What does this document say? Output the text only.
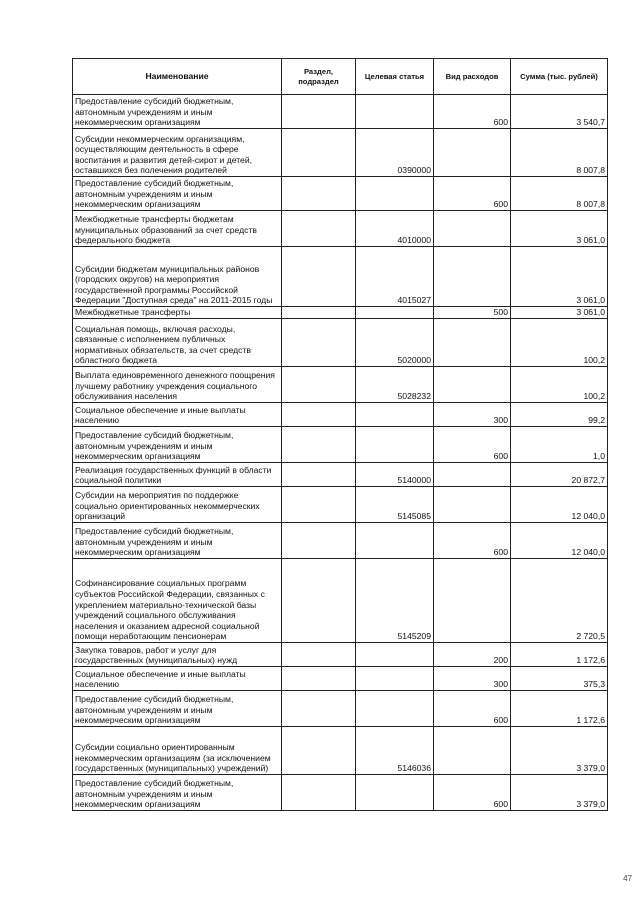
Наименование	Раздел, подраздел	Целевая статья	Вид расходов	Сумма (тыс. рублей)
Предоставление субсидий бюджетным, автономным учреждениям и иным некоммерческим организациям			600	3 540,7
Субсидии некоммерческим организациям, осуществляющим деятельность в сфере воспитания и развития детей-сирот и детей, оставшихся без полечения родителей		0390000		8 007,8
Предоставление субсидий бюджетным, автономным учреждениям и иным некоммерческим организациям			600	8 007,8
Межбюджетные трансферты бюджетам муниципальных образований за счет средств федерального бюджета		4010000		3 061,0
Субсидии бюджетам муниципальных районов (городских округов) на мероприятия государственной программы Российской Федерации "Доступная среда" на 2011-2015 годы		4015027		3 061,0
Межбюджетные трансферты			500	3 061,0
Социальная помощь, включая расходы, связанные с исполнением публичных нормативных обязательств, за счет средств областного бюджета		5020000		100,2
Выплата единовременного денежного поощрения лучшему работнику учреждения социального обслуживания населения		5028232		100,2
Социальное обеспечение и иные выплаты населению			300	99,2
Предоставление субсидий бюджетным, автономным учреждениям и иным некоммерческим организациям			600	1,0
Реализация государственных функций в области социальной политики		5140000		20 872,7
Субсидии на мероприятия по поддержке социально ориентированных некоммерческих организаций		5145085		12 040,0
Предоставление субсидий бюджетным, автономным учреждениям и иным некоммерческим организациям			600	12 040,0
Софинансирование социальных программ субъектов Российской Федерации, связанных с укреплением материально-технической базы учреждений социального обслуживания населения и оказанием адресной социальной помощи неработающим пенсионерам		5145209		2 720,5
Закупка товаров, работ и услуг для государственных (муниципальных) нужд			200	1 172,6
Социальное обеспечение и иные выплаты населению			300	375,3
Предоставление субсидий бюджетным, автономным учреждениям и иным некоммерческим организациям			600	1 172,6
Субсидии социально ориентированным некоммерческим организациям (за исключением государственных (муниципальных) учреждений)		5146036		3 379,0
Предоставление субсидий бюджетным, автономным учреждениям и иным некоммерческим организациям			600	3 379,0
47
